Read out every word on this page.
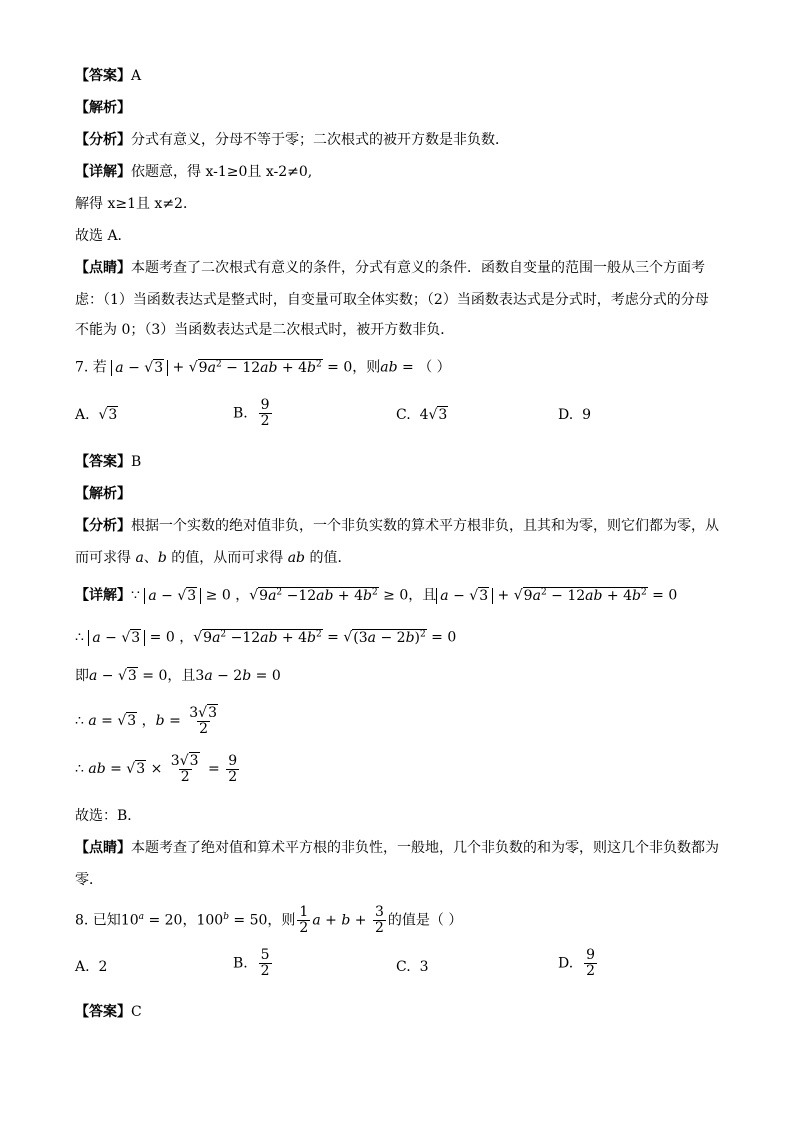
【答案】A
【解析】
【分析】分式有意义，分母不等于零；二次根式的被开方数是非负数．
【详解】依题意，得 x-1≥0且 x-2≠0,
解得 x≥1且 x≠2．
故选 A．
【点睛】本题考查了二次根式有意义的条件，分式有意义的条件．函数自变量的范围一般从三个方面考
虑：（1）当函数表达式是整式时，自变量可取全体实数；（2）当函数表达式是分式时，考虑分式的分母
不能为 0；（3）当函数表达式是二次根式时，被开方数非负．
7. 若 $a - √3 + √9a^2 - 12ab + 4b^2 = 0$，则ab = （ ）
A.  √3	B. $\frac{9}{2}$	C. 4√3	D. 9
【答案】B
【解析】
【分析】根据一个实数的绝对值非负，一个非负实数的算术平方根非负，且其和为零，则它们都为零，从
而可求得 a、b 的值，从而可求得 ab 的值．
【详解】∵ a − √3 ≥ 0 ，$√9a^2 -12ab + 4b^2 \ge 0$，且 $a - √3 + √9a^2 - 12ab + 4b^2 = 0$
∴ a − √3 = 0 ，$√9a^2 -12ab + 4b^2 = √(3a - 2b)^2 = 0$
即a − √3 = 0，且3a − 2b = 0
∴ a = √3 ，$b = \frac{3√3}{2}$
∴ ab = $√3 \times \frac{3√3}{2} = \frac{9}{2}$
故选：B．
【点睛】本题考查了绝对值和算术平方根的非负性，一般地，几个非负数的和为零，则这几个非负数都为
零．
8. 已知$10^a = 20$，$100^b = 50$，则 $\frac{1}{2}$ $a + b + \frac{3}{2}$ 的值是（ ）
A. 2	B. $\frac{5}{2}$	C. 3	D. $\frac{9}{2}$
【答案】C
